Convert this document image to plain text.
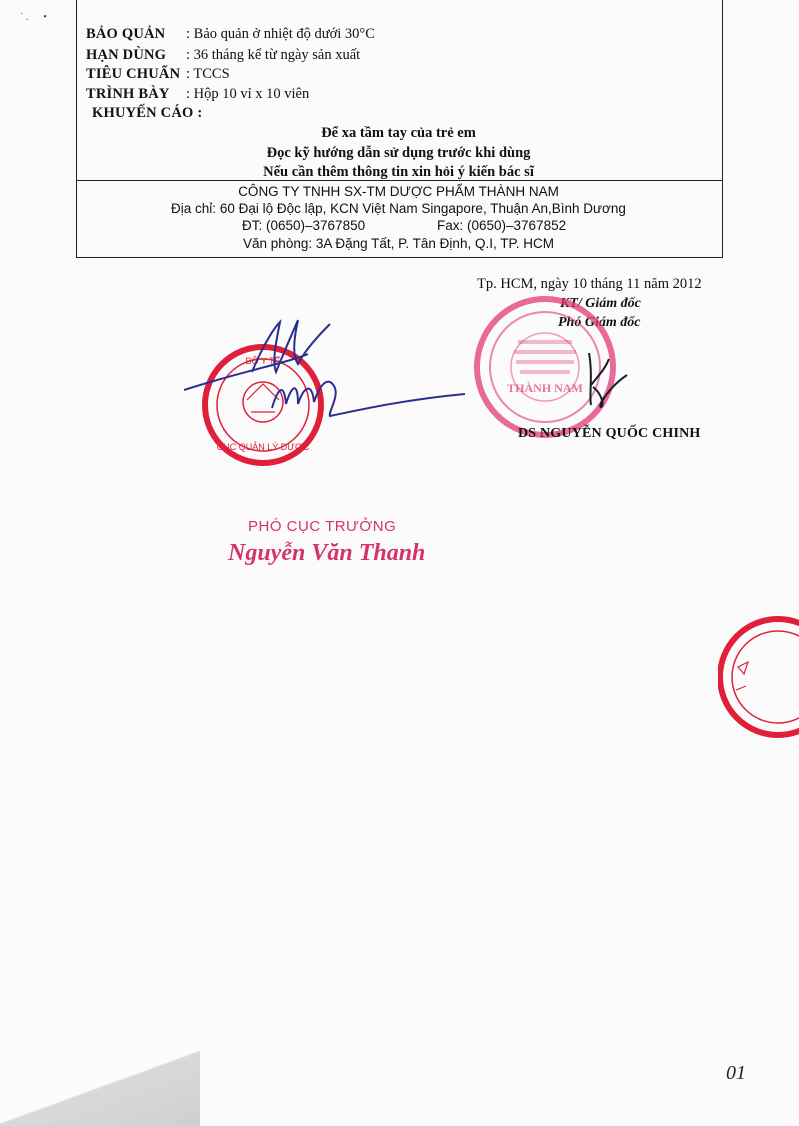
˙ .      •
BẢO QUẢN : Bảo quản ở nhiệt độ dưới 30°C
HẠN DÙNG : 36 tháng kể từ ngày sản xuất
TIÊU CHUẨN : TCCS
TRÌNH BÀY : Hộp 10 vỉ x 10 viên
KHUYẾN CÁO :
Để xa tầm tay của trẻ em
Đọc kỹ hướng dẫn sử dụng trước khi dùng
Nếu cần thêm thông tin xin hỏi ý kiến bác sĩ
CÔNG TY TNHH SX-TM DƯỢC PHẨM THÀNH NAM
Địa chỉ: 60 Đại lộ Độc lập, KCN Việt Nam Singapore, Thuận An,Bình Dương
ĐT: (0650)–3767850	Fax: (0650)–3767852
Văn phòng: 3A Đặng Tất, P. Tân Định, Q.I, TP. HCM
Tp. HCM, ngày 10 tháng 11 năm 2012
KT/ Giám đốc
Phó Giám đốc
THÀNH NAM
DS NGUYỄN QUỐC CHINH
BỘ Y TẾ
CỤC QUẢN LÝ DƯỢC
PHÓ CỤC TRƯỞNG
Nguyễn Văn Thanh
01
